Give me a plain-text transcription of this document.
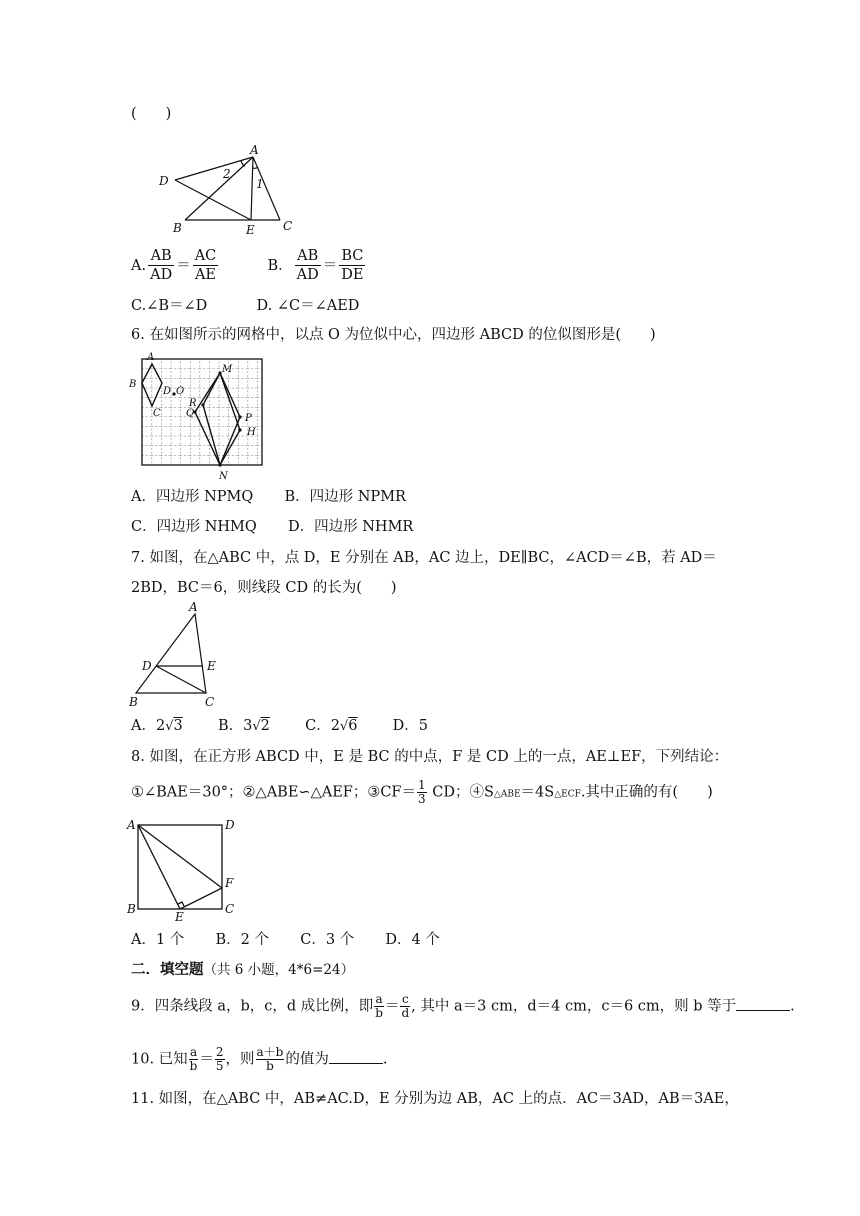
(　　)
A
D
B	E C
2
1
A. $\frac{AB}{AD} = \frac{AC}{AE}$	B． $\frac{AB}{AD} = \frac{BC}{DE}$
C.∠B＝∠D	D. ∠C＝∠AED
6. 在如图所示的网格中，以点 O 为位似中心，四边形 ABCD 的位似图形是(　　)
A
B
C
D O
Q
R
M
P
H
N
A．四边形 NPMQ B．四边形 NPMR
C．四边形 NHMQ D．四边形 NHMR
7. 如图，在△ABC 中，点 D，E 分别在 AB，AC 边上，DE∥BC，∠ACD＝∠B，若 AD＝
2BD，BC＝6，则线段 CD 的长为(　　)
A
D	E
B	C
A．2√3 B．3√2 C．2√6 D．5
8. 如图，在正方形 ABCD 中，E 是 BC 的中点，F 是 CD 上的一点，AE⊥EF，下列结论：
①∠BAE＝30°；②△ABE∽△AEF；③CF＝ $\frac{1}{3}$ CD；④S△ABE＝4S△ECF.其中正确的有(　　)
A	D
F
B
E
C
A．1 个 B．2 个 C．3 个 D．4 个
二．填空题（共 6 小题，4*6=24）
9．四条线段 a，b，c，d 成比例，即 $\frac{a}{b} = \frac{c}{d}$ , 其中 a＝3 cm，d＝4 cm，c＝6 cm，则 b 等于	.
10. 已知 $\frac{a}{b} = \frac{2}{5}$ ，则 $\frac{a+b}{b}$ 的值为	.
11. 如图，在△ABC 中，AB≠AC.D，E 分别为边 AB，AC 上的点．AC＝3AD，AB＝3AE，
